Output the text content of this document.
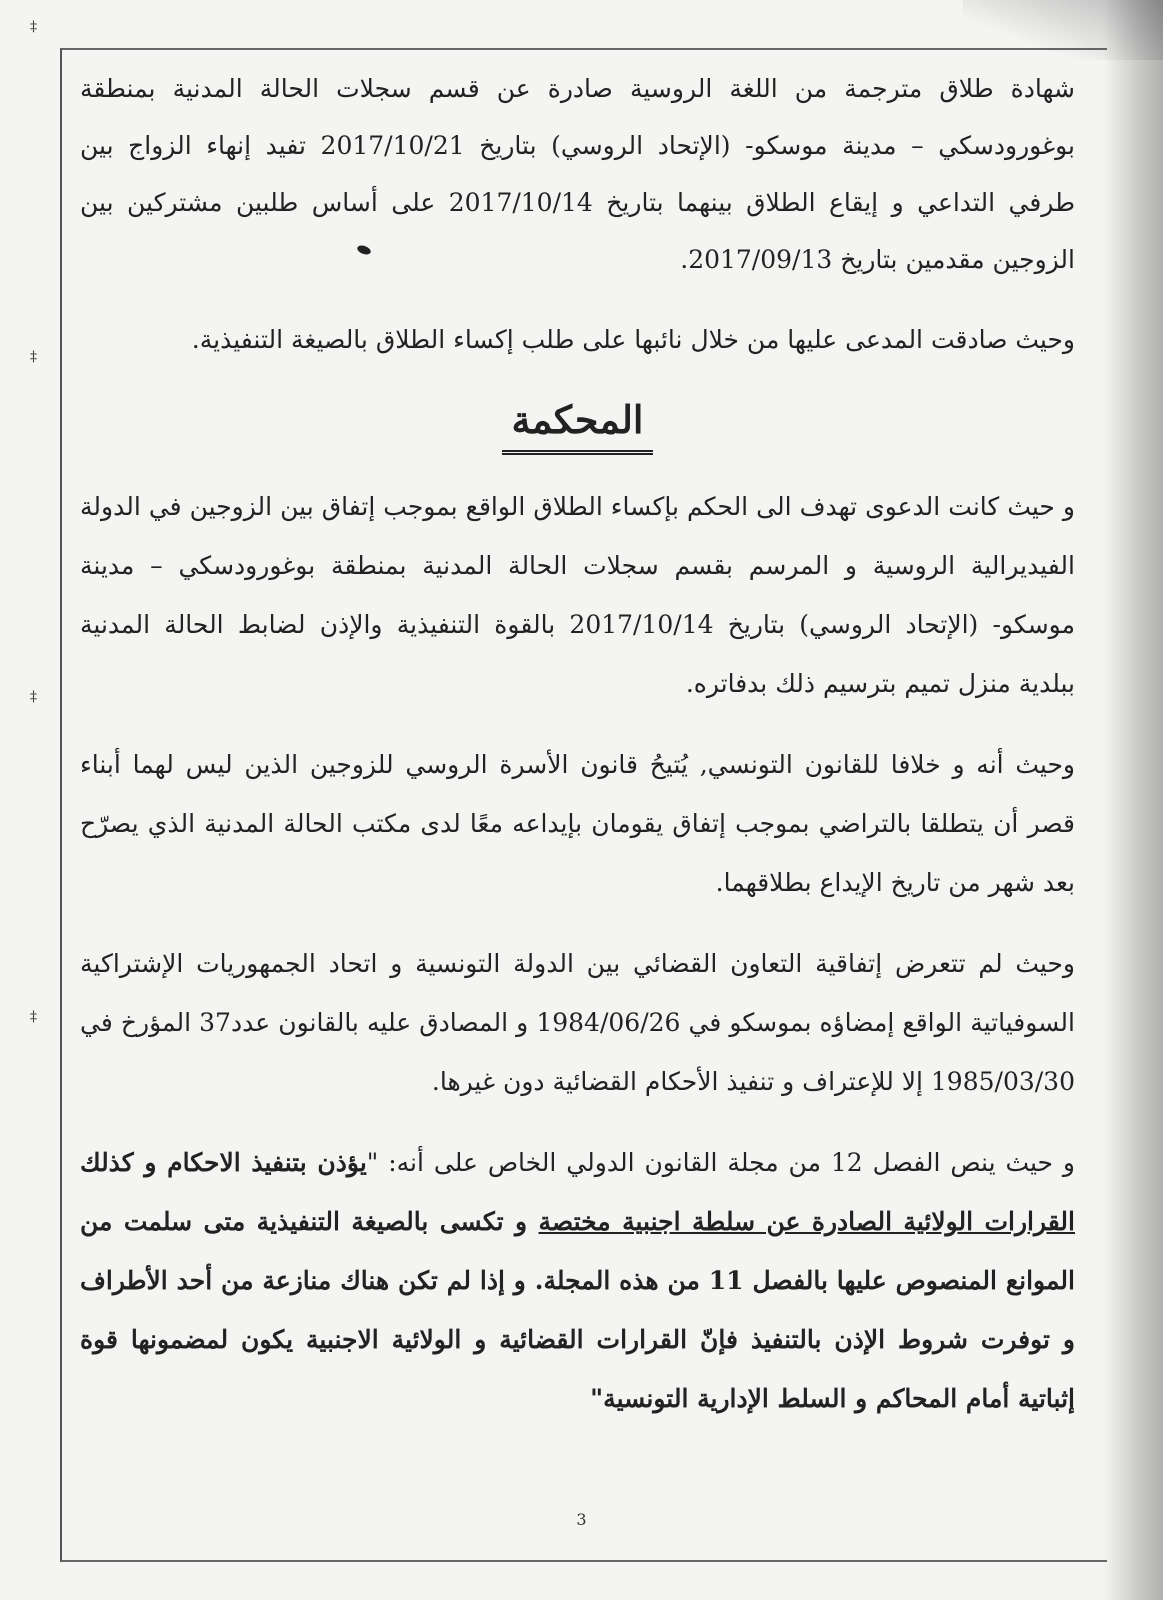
‡
‡
‡
‡

شهادة طلاق مترجمة من اللغة الروسية صادرة عن قسم سجلات الحالة المدنية بمنطقة بوغورودسكي – مدينة موسكو- (الإتحاد الروسي) بتاريخ 2017/10/21 تفيد إنهاء الزواج بين طرفي التداعي و إيقاع الطلاق بينهما بتاريخ 2017/10/14 على أساس طلبين مشتركين بين الزوجين مقدمين بتاريخ 2017/09/13.

وحيث صادقت المدعى عليها من خلال نائبها على طلب إكساء الطلاق بالصيغة التنفيذية.

المحكمة

و حيث كانت الدعوى تهدف الى الحكم بإكساء الطلاق الواقع بموجب إتفاق بين الزوجين في الدولة الفيديرالية الروسية و المرسم بقسم سجلات الحالة المدنية بمنطقة بوغورودسكي – مدينة موسكو- (الإتحاد الروسي) بتاريخ 2017/10/14 بالقوة التنفيذية والإذن لضابط الحالة المدنية ببلدية منزل تميم بترسيم ذلك بدفاتره.

وحيث أنه و خلافا للقانون التونسي, يُتيحُ قانون الأسرة الروسي للزوجين الذين ليس لهما أبناء قصر أن يتطلقا بالتراضي بموجب إتفاق يقومان بإيداعه معًا لدى مكتب الحالة المدنية الذي يصرّح بعد شهر من تاريخ الإيداع بطلاقهما.

وحيث لم تتعرض إتفاقية التعاون القضائي بين الدولة التونسية و اتحاد الجمهوريات الإشتراكية السوفياتية الواقع إمضاؤه بموسكو في 1984/06/26 و المصادق عليه بالقانون عدد37 المؤرخ في 1985/03/30 إلا للإعتراف و تنفيذ الأحكام القضائية دون غيرها.

و حيث ينص الفصل 12 من مجلة القانون الدولي الخاص على أنه: "يؤذن بتنفيذ الاحكام و كذلك القرارات الولائية الصادرة عن سلطة اجنبية مختصة و تكسى بالصيغة التنفيذية متى سلمت من الموانع المنصوص عليها بالفصل 11 من هذه المجلة. و إذا لم تكن هناك منازعة من أحد الأطراف و توفرت شروط الإذن بالتنفيذ فإنّ القرارات القضائية و الولائية الاجنبية يكون لمضمونها قوة إثباتية أمام المحاكم و السلط الإدارية التونسية"

3
